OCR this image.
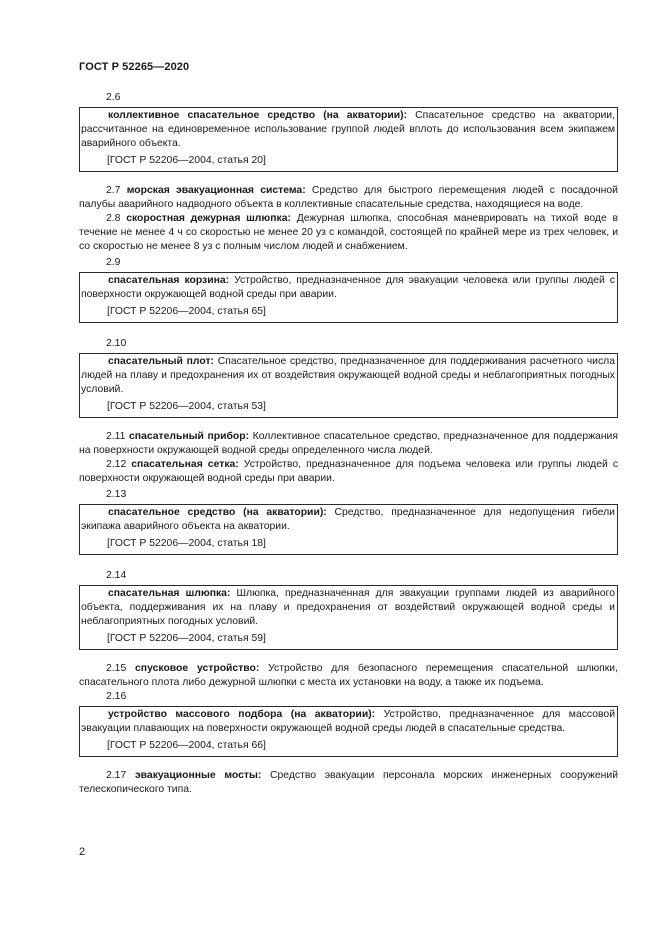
ГОСТ Р 52265—2020
2.6

коллективное спасательное средство (на акватории): Спасательное средство на акватории, рассчитанное на единовременное использование группой людей вплоть до использования всем экипажем аварийного объекта.

[ГОСТ Р 52206—2004, статья 20]

2.7 морская эвакуационная система: Средство для быстрого перемещения людей с посадочной палубы аварийного надводного объекта в коллективные спасательные средства, находящиеся на воде.

2.8 скоростная дежурная шлюпка: Дежурная шлюпка, способная маневрировать на тихой воде в течение не менее 4 ч со скоростью не менее 20 уз с командой, состоящей по крайней мере из трех человек, и со скоростью не менее 8 уз с полным числом людей и снабжением.

2.9

спасательная корзина: Устройство, предназначенное для эвакуации человека или группы людей с поверхности окружающей водной среды при аварии.

[ГОСТ Р 52206—2004, статья 65]

2.10

спасательный плот: Спасательное средство, предназначенное для поддерживания расчетного числа людей на плаву и предохранения их от воздействия окружающей водной среды и неблагоприятных погодных условий.

[ГОСТ Р 52206—2004, статья 53]

2.11 спасательный прибор: Коллективное спасательное средство, предназначенное для поддержания на поверхности окружающей водной среды определенного числа людей.

2.12 спасательная сетка: Устройство, предназначенное для подъема человека или группы людей с поверхности окружающей водной среды при аварии.

2.13

спасательное средство (на акватории): Средство, предназначенное для недопущения гибели экипажа аварийного объекта на акватории.

[ГОСТ Р 52206—2004, статья 18]

2.14

спасательная шлюпка: Шлюпка, предназначенная для эвакуации группами людей из аварийного объекта, поддерживания их на плаву и предохранения от воздействий окружающей водной среды и неблагоприятных погодных условий.

[ГОСТ Р 52206—2004, статья 59]

2.15 спусковое устройство: Устройство для безопасного перемещения спасательной шлюпки, спасательного плота либо дежурной шлюпки с места их установки на воду, а также их подъема.

2.16

устройство массового подбора (на акватории): Устройство, предназначенное для массовой эвакуации плавающих на поверхности окружающей водной среды людей в спасательные средства.

[ГОСТ Р 52206—2004, статья 66]

2.17 эвакуационные мосты: Средство эвакуации персонала морских инженерных сооружений телескопического типа.

2
